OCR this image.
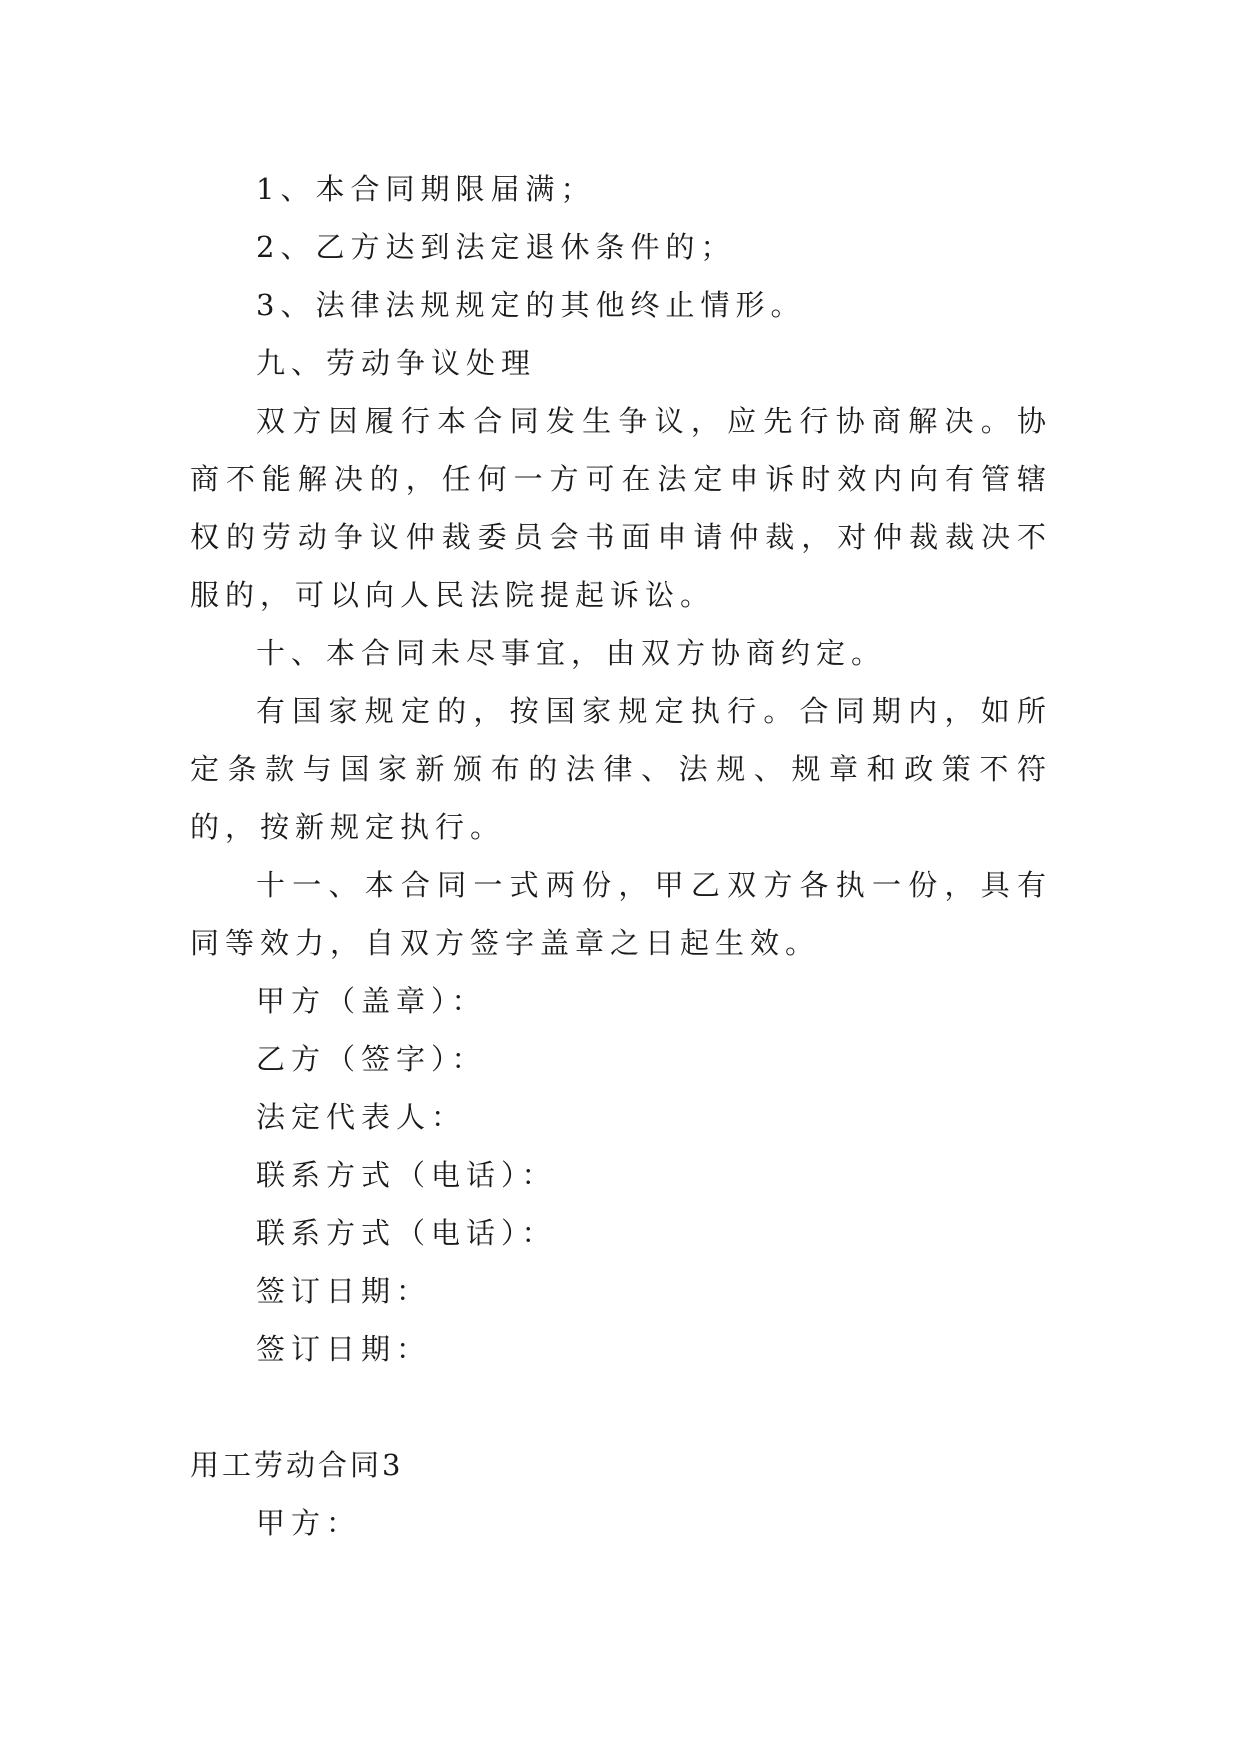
1、本合同期限届满；

2、乙方达到法定退休条件的；

3、法律法规规定的其他终止情形。

九、劳动争议处理

双方因履行本合同发生争议，应先行协商解决。协商不能解决的，任何一方可在法定申诉时效内向有管辖权的劳动争议仲裁委员会书面申请仲裁，对仲裁裁决不服的，可以向人民法院提起诉讼。

十、本合同未尽事宜，由双方协商约定。

有国家规定的，按国家规定执行。合同期内，如所定条款与国家新颁布的法律、法规、规章和政策不符的，按新规定执行。

十一、本合同一式两份，甲乙双方各执一份，具有同等效力，自双方签字盖章之日起生效。

甲方（盖章）：

乙方（签字）：

法定代表人：

联系方式（电话）：

联系方式（电话）：

签订日期：

签订日期：

用工劳动合同3

甲方：
